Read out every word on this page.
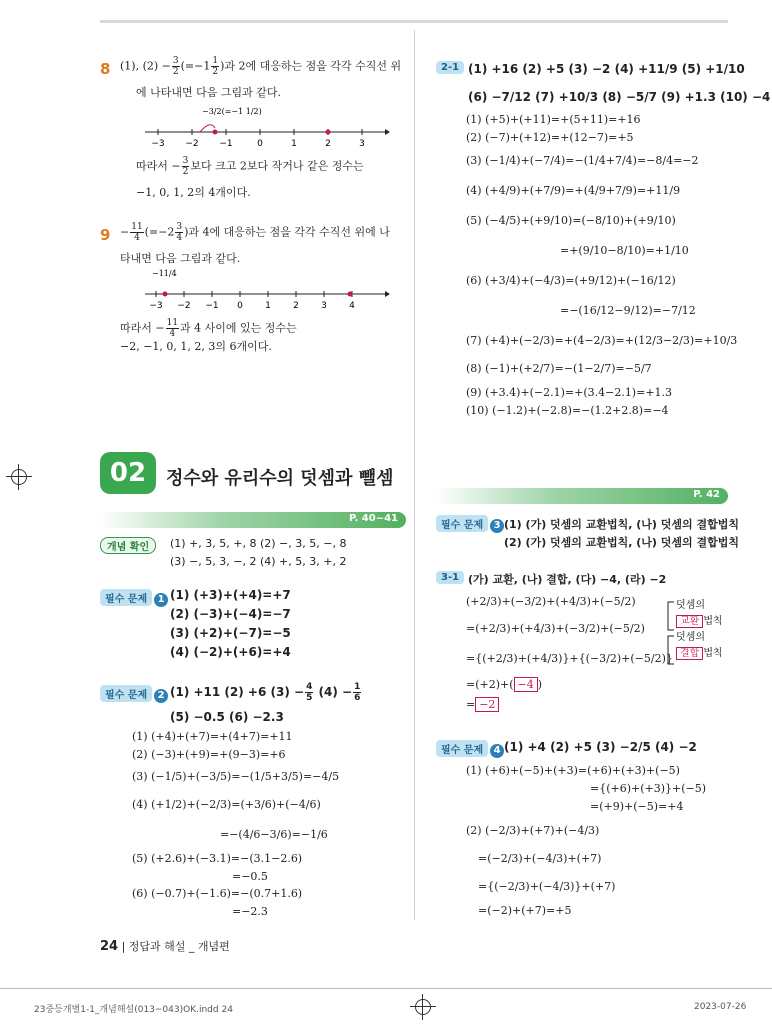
8 (1), $(2) - \frac{3}{2} (=-1 \frac{1}{2}$ )과 2에 대응하는 점을 각각 수직선 위
에 나타내면 다음 그림과 같다.
−3/2(=−1 1/2)
−3 −2 −1	0	1	2	3
따라서 − $\frac{3}{2}$ 보다 크고 2보다 작거나 같은 정수는
−1, 0, 1, 2의 4개이다.
$9 - \frac{11}{4} (=-2 \frac{3}{4}$ )과 4에 대응하는 점을 각각 수직선 위에 나
타내면 다음 그림과 같다.
−11/4
−3 −2 −1 0 1 2 3 4
따라서 − $\frac{11}{4}$ 과 4 사이에 있는 정수는
−2, −1, 0, 1, 2, 3의 6개이다.
02	정수와 유리수의 덧셈과 뺄셈
P. 40~41
개념 확인	(1) +, 3, 5, +, 8 (2) −, 3, 5, −, 8
(3) −, 5, 3, −, 2 (4) +, 5, 3, +, 2
필수 문제 1 (1) (+3)+(+4)=+7
(2) (−3)+(−4)=−7
(3) (+2)+(−7)=−5
(4) (−2)+(+6)=+4
필수 문제 2 (1) +11 (2) +6 $(3) - \frac{4}{5} (4) - \frac{1}{6}$
(5) −0.5 (6) −2.3
(1) (+4)+(+7)=+(4+7)=+11
(2) (−3)+(+9)=+(9−3)=+6
(3) (−1/5)+(−3/5)=−(1/5+3/5)=−4/5
(4) (+1/2)+(−2/3)=(+3/6)+(−4/6)
=−(4/6−3/6)=−1/6
(5) (+2.6)+(−3.1)=−(3.1−2.6)
=−0.5
(6) (−0.7)+(−1.6)=−(0.7+1.6)
=−2.3
2-1 (1) +16 (2) +5 (3) −2 (4) +11/9 (5) +1/10
(6) −7/12 (7) +10/3 (8) −5/7 (9) +1.3 (10) −4
(1) (+5)+(+11)=+(5+11)=+16
(2) (−7)+(+12)=+(12−7)=+5
(3) (−1/4)+(−7/4)=−(1/4+7/4)=−8/4=−2
(4) (+4/9)+(+7/9)=+(4/9+7/9)=+11/9
(5) (−4/5)+(+9/10)=(−8/10)+(+9/10)
=+(9/10−8/10)=+1/10
(6) (+3/4)+(−4/3)=(+9/12)+(−16/12)
=−(16/12−9/12)=−7/12
(7) (+4)+(−2/3)=+(4−2/3)=+(12/3−2/3)=+10/3
(8) (−1)+(+2/7)=−(1−2/7)=−5/7
(9) (+3.4)+(−2.1)=+(3.4−2.1)=+1.3
(10) (−1.2)+(−2.8)=−(1.2+2.8)=−4
P. 42
필수 문제 3 (1) (가) 덧셈의 교환법칙, (나) 덧셈의 결합법칙
(2) (가) 덧셈의 교환법칙, (나) 덧셈의 결합법칙
3-1 (가) 교환, (나) 결합, (다) −4, (라) −2
(+2/3)+(−3/2)+(+4/3)+(−5/2)
=(+2/3)+(+4/3)+(−3/2)+(−5/2)
={(+2/3)+(+4/3)}+{(−3/2)+(−5/2)}
=(+2)+( −4 )
= −2
덧셈의
교환 법칙
덧셈의
결합 법칙
필수 문제 4 (1) +4 (2) +5 (3) −2/5 (4) −2
(1) (+6)+(−5)+(+3)=(+6)+(+3)+(−5)
={(+6)+(+3)}+(−5)
=(+9)+(−5)=+4
(2) (−2/3)+(+7)+(−4/3)
=(−2/3)+(−4/3)+(+7)
={(−2/3)+(−4/3)}+(+7)
=(−2)+(+7)=+5
24 | 정답과 해설 _ 개념편
23중등개별1-1_개념해설(013~043)OK.indd 24	2023-07-26
